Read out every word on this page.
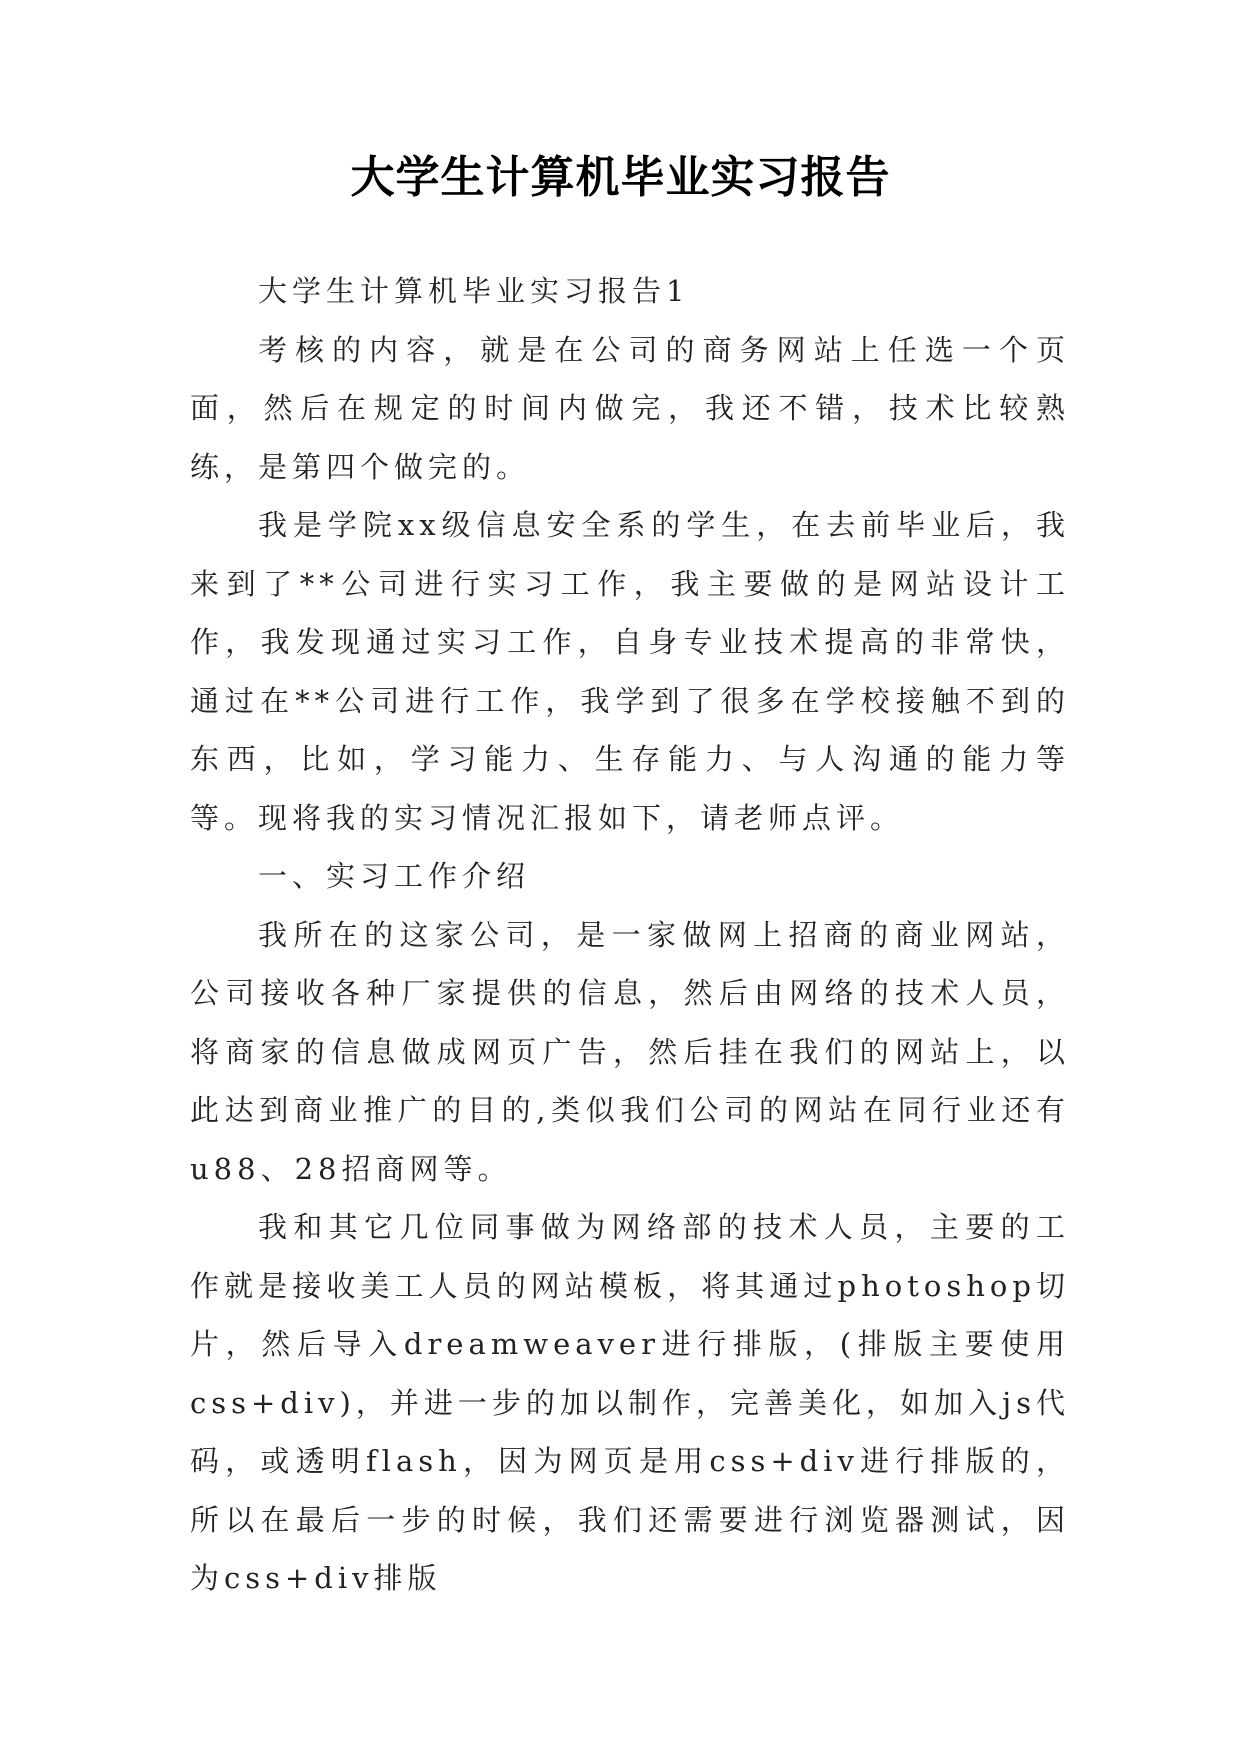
大学生计算机毕业实习报告

大学生计算机毕业实习报告1

考核的内容，就是在公司的商务网站上任选一个页面，然后在规定的时间内做完，我还不错，技术比较熟练，是第四个做完的。

我是学院xx级信息安全系的学生，在去前毕业后，我来到了**公司进行实习工作，我主要做的是网站设计工作，我发现通过实习工作，自身专业技术提高的非常快，通过在**公司进行工作，我学到了很多在学校接触不到的东西，比如，学习能力、生存能力、与人沟通的能力等等。现将我的实习情况汇报如下，请老师点评。

一、实习工作介绍

我所在的这家公司，是一家做网上招商的商业网站，公司接收各种厂家提供的信息，然后由网络的技术人员，将商家的信息做成网页广告，然后挂在我们的网站上，以此达到商业推广的目的,类似我们公司的网站在同行业还有u88、28招商网等。

我和其它几位同事做为网络部的技术人员，主要的工作就是接收美工人员的网站模板，将其通过photoshop切片，然后导入dreamweaver进行排版，(排版主要使用css+div)，并进一步的加以制作，完善美化，如加入js代码，或透明flash，因为网页是用css+div进行排版的，所以在最后一步的时候，我们还需要进行浏览器测试，因为css+div排版
